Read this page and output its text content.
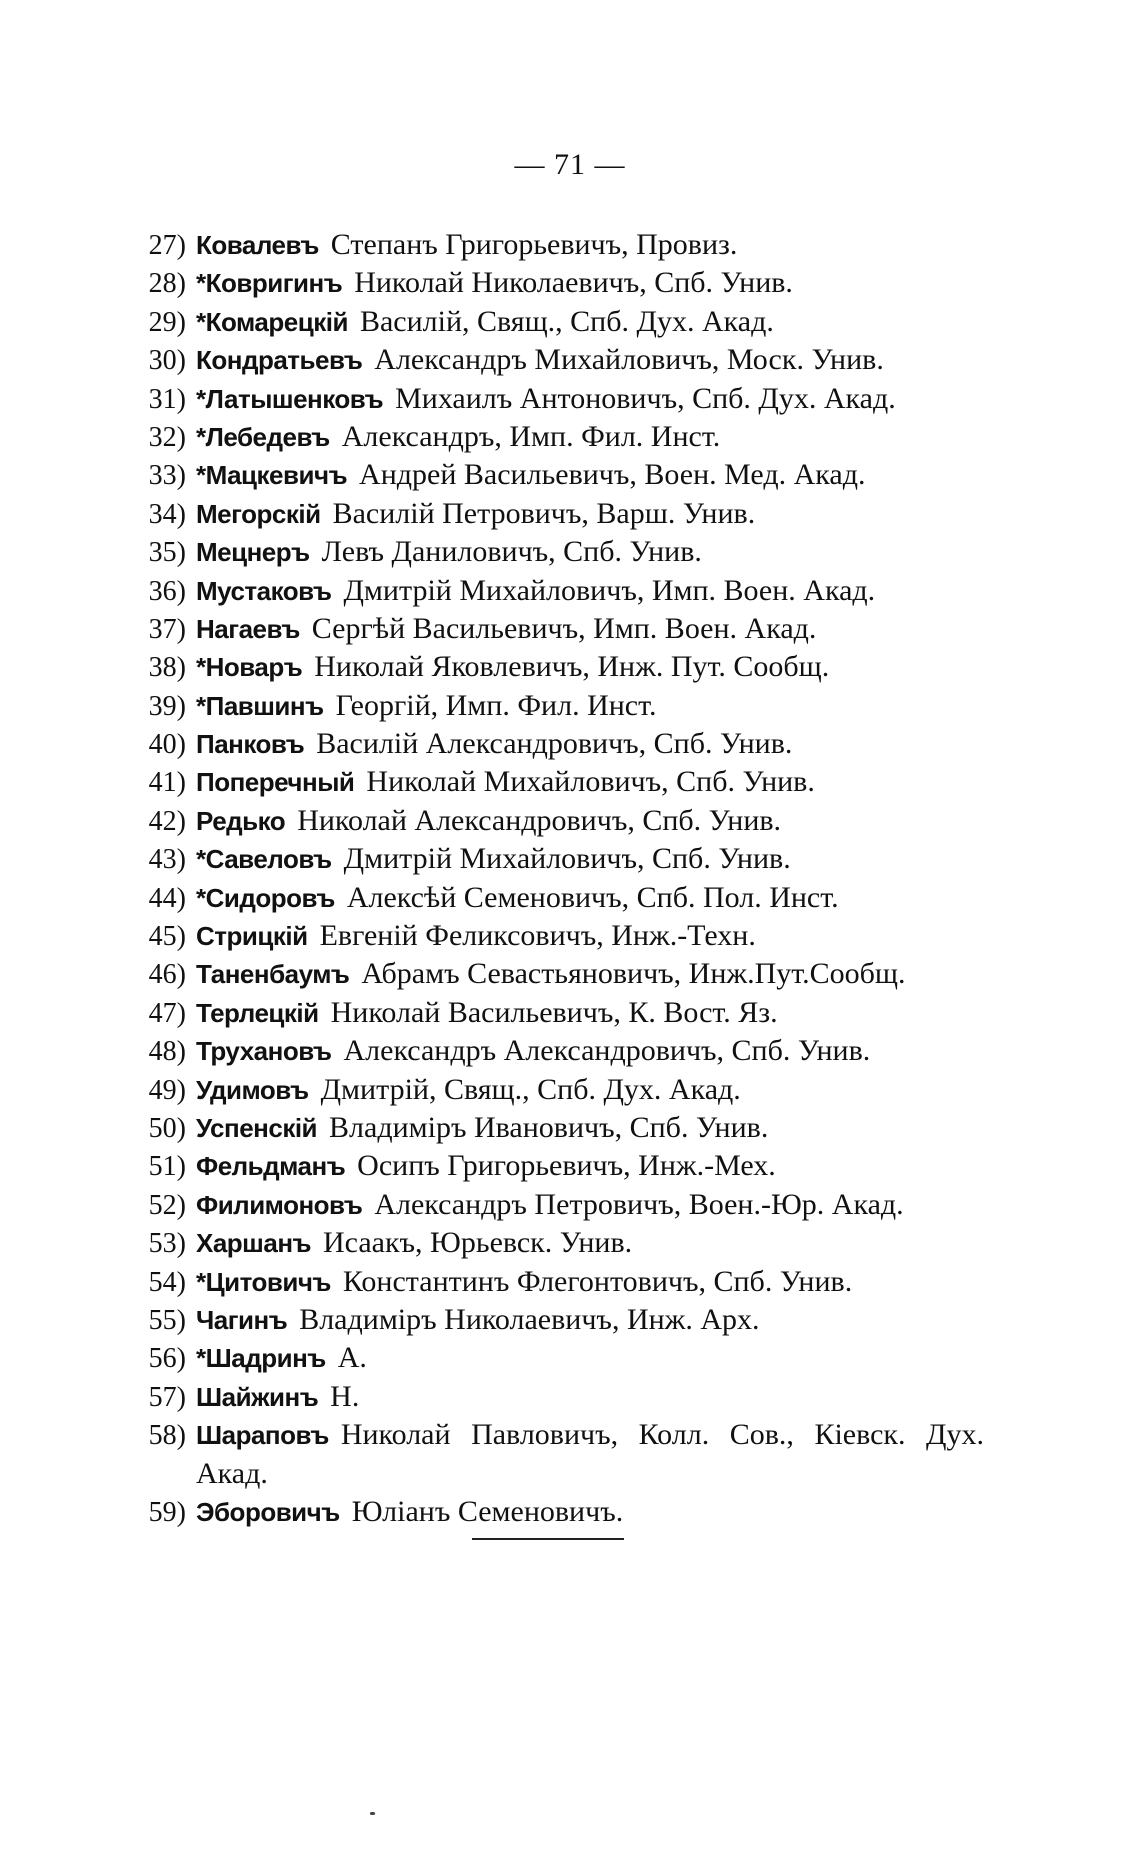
— 71 —
27) Ковалевъ Степанъ Григорьевичъ, Провиз.
28) *Ковригинъ Николай Николаевичъ, Спб. Унив.
29) *Комарецкій Василій, Свящ., Спб. Дух. Акад.
30) Кондратьевъ Александръ Михайловичъ, Моск. Унив.
31) *Латышенковъ Михаилъ Антоновичъ, Спб. Дух. Акад.
32) *Лебедевъ Александръ, Имп. Фил. Инст.
33) *Мацкевичъ Андрей Васильевичъ, Воен. Мед. Акад.
34) Мегорскій Василій Петровичъ, Варш. Унив.
35) Мецнеръ Левъ Даниловичъ, Спб. Унив.
36) Мустаковъ Дмитрій Михайловичъ, Имп. Воен. Акад.
37) Нагаевъ Сергѣй Васильевичъ, Имп. Воен. Акад.
38) *Новаръ Николай Яковлевичъ, Инж. Пут. Сообщ.
39) *Павшинъ Георгій, Имп. Фил. Инст.
40) Панковъ Василій Александровичъ, Спб. Унив.
41) Поперечный Николай Михайловичъ, Спб. Унив.
42) Редько Николай Александровичъ, Спб. Унив.
43) *Савеловъ Дмитрій Михайловичъ, Спб. Унив.
44) *Сидоровъ Алексѣй Семеновичъ, Спб. Пол. Инст.
45) Стрицкій Евгеній Феликсовичъ, Инж.-Техн.
46) Таненбаумъ Абрамъ Севастьяновичъ, Инж.Пут.Сообщ.
47) Терлецкій Николай Васильевичъ, К. Вост. Яз.
48) Трухановъ Александръ Александровичъ, Спб. Унив.
49) Удимовъ Дмитрій, Свящ., Спб. Дух. Акад.
50) Успенскій Владиміръ Ивановичъ, Спб. Унив.
51) Фельдманъ Осипъ Григорьевичъ, Инж.-Мех.
52) Филимоновъ Александръ Петровичъ, Воен.-Юр. Акад.
53) Харшанъ Исаакъ, Юрьевск. Унив.
54) *Цитовичъ Константинъ Флегонтовичъ, Спб. Унив.
55) Чагинъ Владиміръ Николаевичъ, Инж. Арх.
56) *Шадринъ А.
57) Шайжинъ Н.
58) Шараповъ Николай Павловичъ, Колл. Сов., Кіевск. Дух. Акад.
59) Эборовичъ Юліанъ Семеновичъ.
